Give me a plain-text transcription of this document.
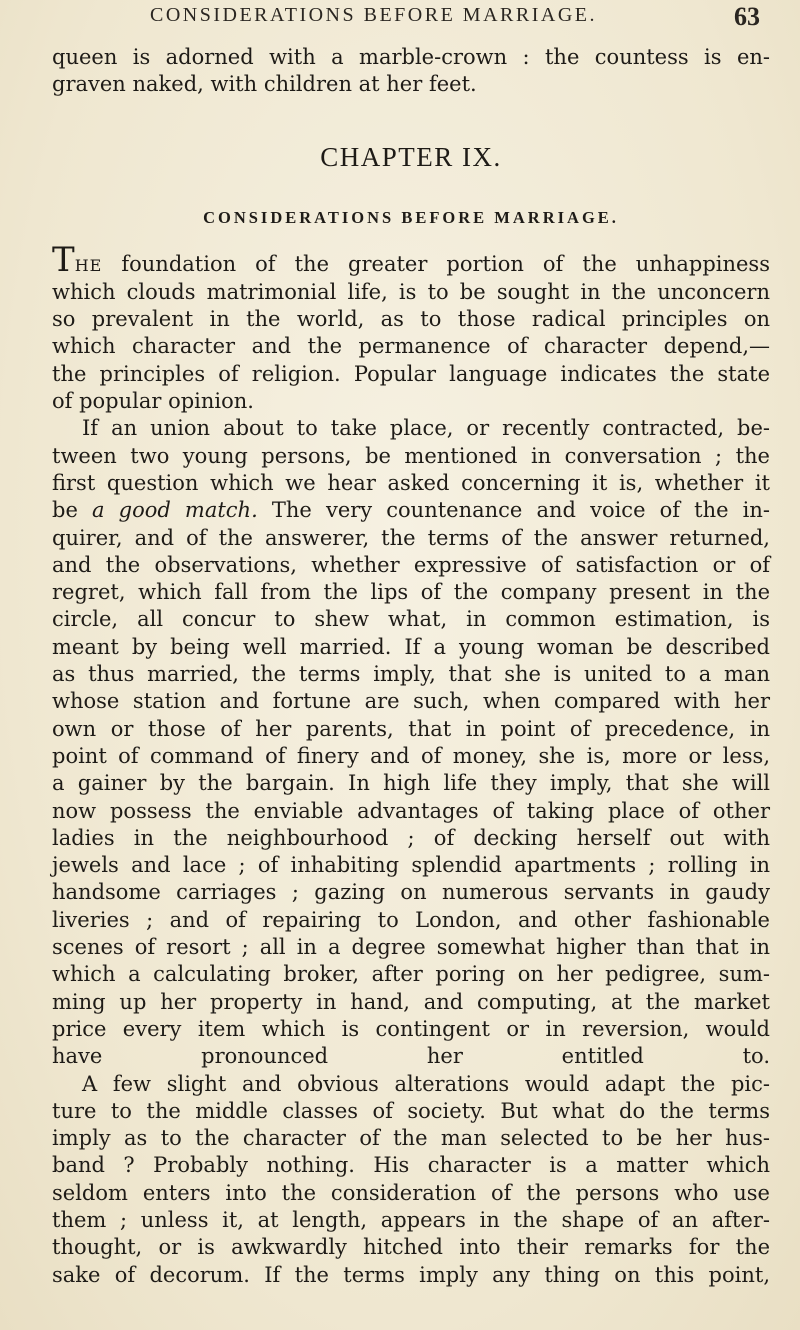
CONSIDERATIONS BEFORE MARRIAGE.	63
queen is adorned with a marble-crown : the countess is en-
graven naked, with children at her feet.
CHAPTER IX.
CONSIDERATIONS BEFORE MARRIAGE.
THE foundation of the greater portion of the unhappiness
which clouds matrimonial life, is to be sought in the unconcern
so prevalent in the world, as to those radical principles on
which character and the permanence of character depend,—
the principles of religion. Popular language indicates the state
of popular opinion.
If an union about to take place, or recently contracted, be-
tween two young persons, be mentioned in conversation ; the
first question which we hear asked concerning it is, whether it
be a good match. The very countenance and voice of the in-
quirer, and of the answerer, the terms of the answer returned,
and the observations, whether expressive of satisfaction or of
regret, which fall from the lips of the company present in the
circle, all concur to shew what, in common estimation, is
meant by being well married. If a young woman be described
as thus married, the terms imply, that she is united to a man
whose station and fortune are such, when compared with her
own or those of her parents, that in point of precedence, in
point of command of finery and of money, she is, more or less,
a gainer by the bargain. In high life they imply, that she will
now possess the enviable advantages of taking place of other
ladies in the neighbourhood ; of decking herself out with
jewels and lace ; of inhabiting splendid apartments ; rolling in
handsome carriages ; gazing on numerous servants in gaudy
liveries ; and of repairing to London, and other fashionable
scenes of resort ; all in a degree somewhat higher than that in
which a calculating broker, after poring on her pedigree, sum-
ming up her property in hand, and computing, at the market
price every item which is contingent or in reversion, would
have pronounced her entitled to.
A few slight and obvious alterations would adapt the pic-
ture to the middle classes of society. But what do the terms
imply as to the character of the man selected to be her hus-
band ? Probably nothing. His character is a matter which
seldom enters into the consideration of the persons who use
them ; unless it, at length, appears in the shape of an after-
thought, or is awkwardly hitched into their remarks for the
sake of decorum. If the terms imply any thing on this point,
